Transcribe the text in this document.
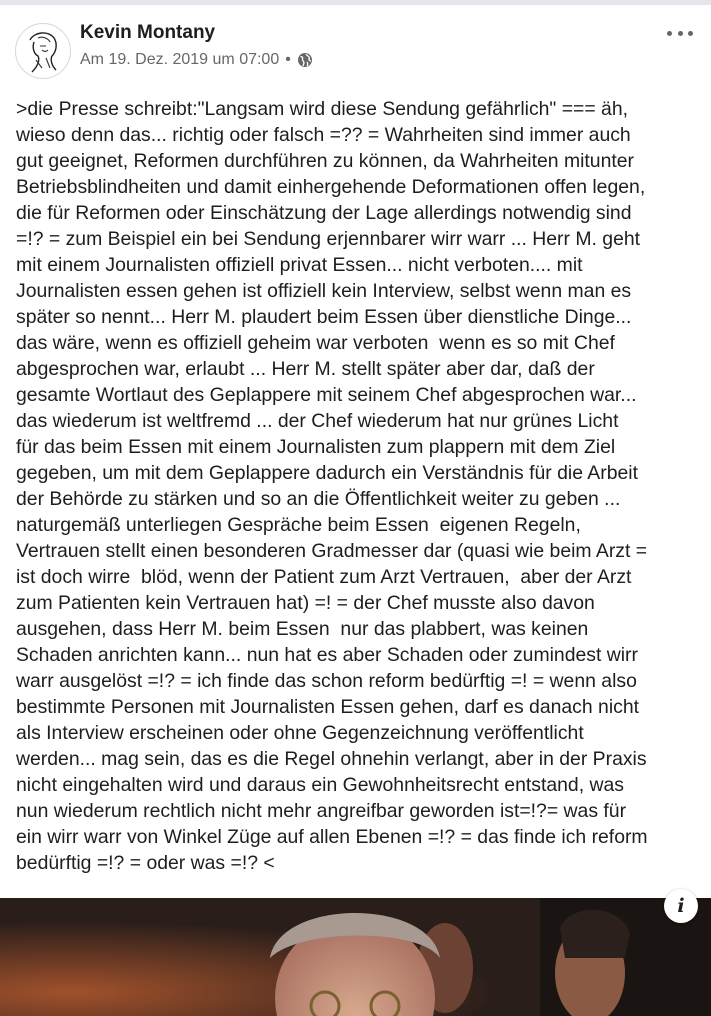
Kevin Montany
Am 19. Dez. 2019 um 07:00 •

>die Presse schreibt:"Langsam wird diese Sendung gefährlich" === äh,
wieso denn das... richtig oder falsch =?? = Wahrheiten sind immer auch
gut geeignet, Reformen durchführen zu können, da Wahrheiten mitunter
Betriebsblindheiten und damit einhergehende Deformationen offen legen,
die für Reformen oder Einschätzung der Lage allerdings notwendig sind
=!? = zum Beispiel ein bei Sendung erjennbarer wirr warr ... Herr M. geht
mit einem Journalisten offiziell privat Essen... nicht verboten.... mit
Journalisten essen gehen ist offiziell kein Interview, selbst wenn man es
später so nennt... Herr M. plaudert beim Essen über dienstliche Dinge...
das wäre, wenn es offiziell geheim war verboten  wenn es so mit Chef
abgesprochen war, erlaubt ... Herr M. stellt später aber dar, daß der
gesamte Wortlaut des Geplappere mit seinem Chef abgesprochen war...
das wiederum ist weltfremd ... der Chef wiederum hat nur grünes Licht
für das beim Essen mit einem Journalisten zum plappern mit dem Ziel
gegeben, um mit dem Geplappere dadurch ein Verständnis für die Arbeit
der Behörde zu stärken und so an die Öffentlichkeit weiter zu geben ...
naturgemäß unterliegen Gespräche beim Essen  eigenen Regeln,
Vertrauen stellt einen besonderen Gradmesser dar (quasi wie beim Arzt =
ist doch wirre  blöd, wenn der Patient zum Arzt Vertrauen,  aber der Arzt
zum Patienten kein Vertrauen hat) =! = der Chef musste also davon
ausgehen, dass Herr M. beim Essen  nur das plabbert, was keinen
Schaden anrichten kann... nun hat es aber Schaden oder zumindest wirr
warr ausgelöst =!? = ich finde das schon reform bedürftig =! = wenn also
bestimmte Personen mit Journalisten Essen gehen, darf es danach nicht
als Interview erscheinen oder ohne Gegenzeichnung veröffentlicht
werden... mag sein, das es die Regel ohnehin verlangt, aber in der Praxis
nicht eingehalten wird und daraus ein Gewohnheitsrecht entstand, was
nun wiederum rechtlich nicht mehr angreifbar geworden ist=!?= was für
ein wirr warr von Winkel Züge auf allen Ebenen =!? = das finde ich reform
bedürftig =!? = oder was =!? <

i
